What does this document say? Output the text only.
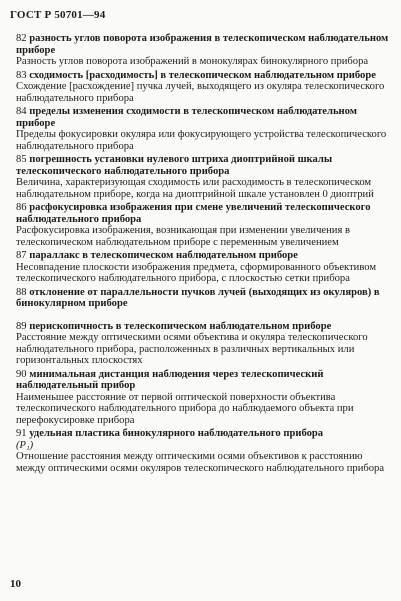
ГОСТ Р 50701—94
82 разность углов поворота изображения в телескопическом наблюдательном приборе
Разность углов поворота изображений в монокулярах бинокулярного прибора
83 сходимость [расходимость] в телескопическом наблюдательном приборе
Схождение [расхождение] пучка лучей, выходящего из окуляра телескопического наблюдательного прибора
84 пределы изменения сходимости в телескопическом наблюдательном приборе
Пределы фокусировки окуляра или фокусирующего устройства телескопического наблюдательного прибора
85 погрешность установки нулевого штриха диоптрийной шкалы телескопического наблюдательного прибора
Величина, характеризующая сходимость или расходимость в телескопическом наблюдательном приборе, когда на диоптрийной шкале установлен 0 диоптрий
86 расфокусировка изображения при смене увеличений телескопического наблюдательного прибора
Расфокусировка изображения, возникающая при изменении увеличения в телескопическом наблюдательном приборе с переменным увеличением
87 параллакс в телескопическом наблюдательном приборе
Несовпадение плоскости изображения предмета, сформированного объективом телескопического наблюдательного прибора, с плоскостью сетки прибора
88 отклонение от параллельности пучков лучей (выходящих из окуляров) в бинокулярном приборе
89 перископичность в телескопическом наблюдательном приборе
Расстояние между оптическими осями объектива и окуляра телескопического наблюдательного прибора, расположенных в различных вертикальных или горизонтальных плоскостях
90 минимальная дистанция наблюдения через телескопический наблюдательный прибор
Наименьшее расстояние от первой оптической поверхности объектива телескопического наблюдательного прибора до наблюдаемого объекта при перефокусировке прибора
91 удельная пластика бинокулярного наблюдательного прибора
(P₁)
Отношение расстояния между оптическими осями объективов к расстоянию между оптическими осями окуляров телескопического наблюдательного прибора
10
